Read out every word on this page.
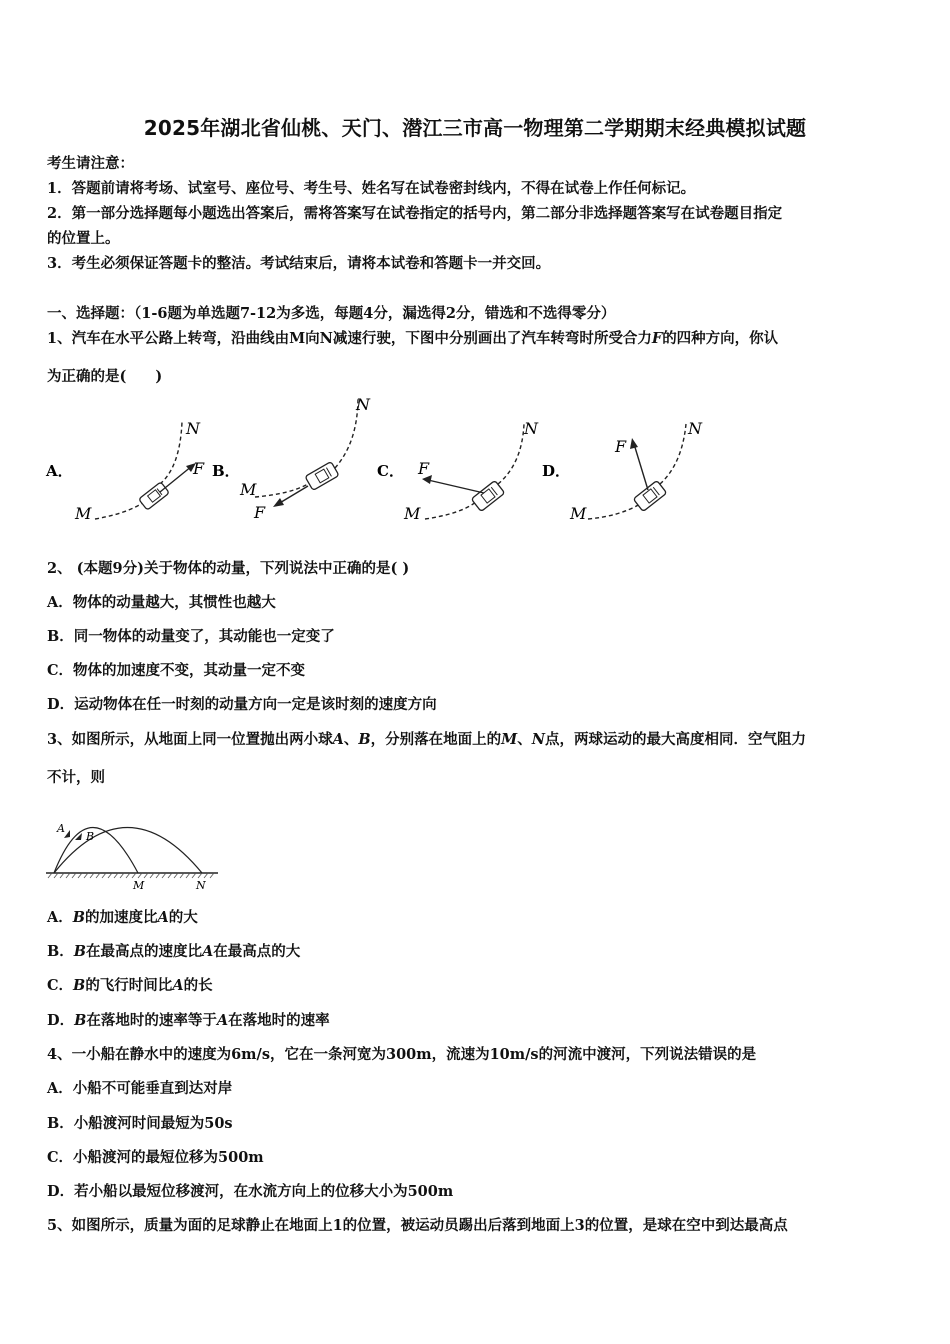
2025年湖北省仙桃、天门、潜江三市高一物理第二学期期末经典模拟试题
考生请注意：
1．答题前请将考场、试室号、座位号、考生号、姓名写在试卷密封线内，不得在试卷上作任何标记。
2．第一部分选择题每小题选出答案后，需将答案写在试卷指定的括号内，第二部分非选择题答案写在试卷题目指定
的位置上。
3．考生必须保证答题卡的整洁。考试结束后，请将本试卷和答题卡一并交回。
一、选择题：（1-6题为单选题7-12为多选，每题4分，漏选得2分，错选和不选得零分）
1、汽车在水平公路上转弯，沿曲线由M向N减速行驶，下图中分别画出了汽车转弯时所受合力F的四种方向，你认
为正确的是(　　)
A．	B．	C．	D．
M
N
F
M
N
F	M
N
F
M
N
F
2、 (本题9分)关于物体的动量，下列说法中正确的是( )
A．物体的动量越大，其惯性也越大
B．同一物体的动量变了，其动能也一定变了
C．物体的加速度不变，其动量一定不变
D．运动物体在任一时刻的动量方向一定是该时刻的速度方向
3、如图所示，从地面上同一位置抛出两小球A、B，分别落在地面上的M、N点，两球运动的最大高度相同．空气阻力
不计，则
A
B
M	N
A．B的加速度比A的大
B．B在最高点的速度比A在最高点的大
C．B的飞行时间比A的长
D．B在落地时的速率等于A在落地时的速率
4、一小船在静水中的速度为6m/s，它在一条河宽为300m，流速为10m/s的河流中渡河，下列说法错误的是
A．小船不可能垂直到达对岸
B．小船渡河时间最短为50s
C．小船渡河的最短位移为500m
D．若小船以最短位移渡河，在水流方向上的位移大小为500m
5、如图所示，质量为面的足球静止在地面上1的位置，被运动员踢出后落到地面上3的位置，是球在空中到达最高点
